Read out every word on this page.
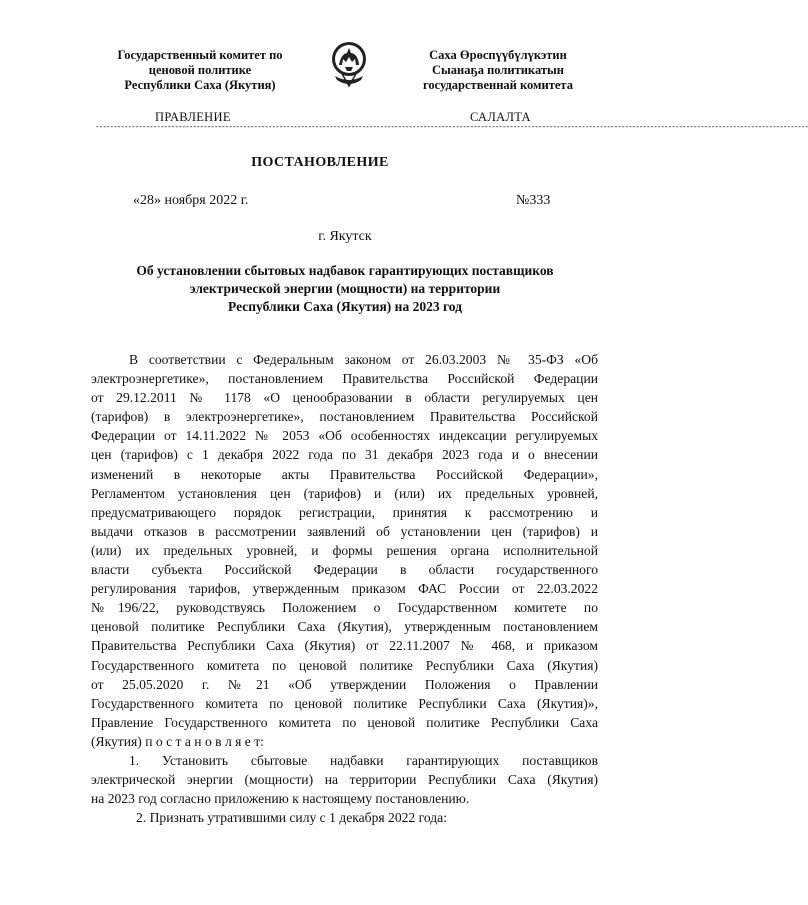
Государственный комитет по
ценовой политике
Республики Саха (Якутия)
Саха Өрөспүүбүлүкэтин
Сыанаҕа политикатын
государственнай комитета
ПРАВЛЕНИЕ	САЛАЛТА
------------------------------------------------------------------------------------------------------------------------------------------------------------------------------------------------------
ПОСТАНОВЛЕНИЕ
«28» ноября 2022 г.	№333
г. Якутск
Об установлении сбытовых надбавок гарантирующих поставщиков
электрической энергии (мощности) на территории
Республики Саха (Якутия) на 2023 год
В соответствии с Федеральным законом от 26.03.2003 № 35-ФЗ «Об
электроэнергетике», постановлением Правительства Российской Федерации
от 29.12.2011 № 1178 «О ценообразовании в области регулируемых цен
(тарифов) в электроэнергетике», постановлением Правительства Российской
Федерации от 14.11.2022 № 2053 «Об особенностях индексации регулируемых
цен (тарифов) с 1 декабря 2022 года по 31 декабря 2023 года и о внесении
изменений в некоторые акты Правительства Российской Федерации»,
Регламентом установления цен (тарифов) и (или) их предельных уровней,
предусматривающего порядок регистрации, принятия к рассмотрению и
выдачи отказов в рассмотрении заявлений об установлении цен (тарифов) и
(или) их предельных уровней, и формы решения органа исполнительной
власти субъекта Российской Федерации в области государственного
регулирования тарифов, утвержденным приказом ФАС России от 22.03.2022
№196/22, руководствуясь Положением о Государственном комитете по
ценовой политике Республики Саха (Якутия), утвержденным постановлением
Правительства Республики Саха (Якутия) от 22.11.2007 № 468, и приказом
Государственного комитета по ценовой политике Республики Саха (Якутия)
от 25.05.2020 г. №21 «Об утверждении Положения о Правлении
Государственного комитета по ценовой политике Республики Саха (Якутия)»,
Правление Государственного комитета по ценовой политике Республики Саха
(Якутия) п о с т а н о в л я е т:
1. Установить сбытовые надбавки гарантирующих поставщиков
электрической энергии (мощности) на территории Республики Саха (Якутия)
на 2023 год согласно приложению к настоящему постановлению.
2. Признать утратившими силу с 1 декабря 2022 года:
